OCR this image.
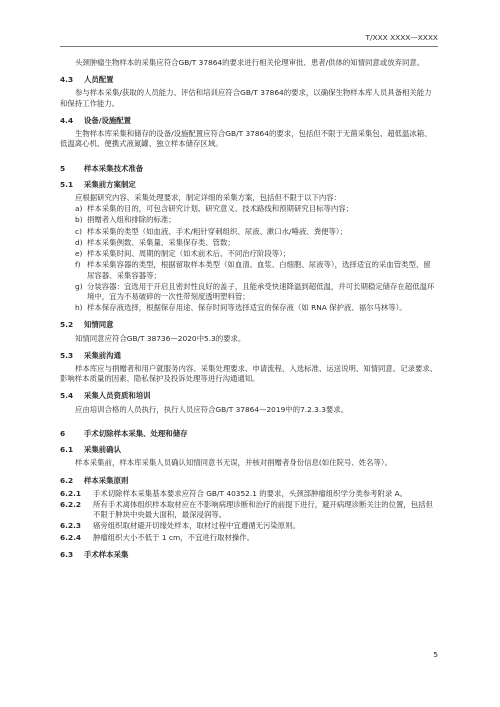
T/XXX XXXX—XXXX

头颈肿瘤生物样本的采集应符合GB/T 37864的要求进行相关伦理审批、患者/供体的知情同意或放弃同意。

4.3 人员配置

参与样本采集/获取的人员能力、评估和培训应符合GB/T 37864的要求，以确保生物样本库人员具备相关能力和保持工作能力。

4.4 设备/设施配置

生物样本库采集和储存的设备/设施配置应符合GB/T 37864的要求，包括但不限于无菌采集包、超低温冰箱、低温离心机、便携式液氮罐、独立样本储存区域。

5	样本采集技术准备
5.1 采集前方案制定

应根据研究内容、采集处理要求，制定详细的采集方案，包括但不限于以下内容：

a) 样本采集的目的，可包含研究计划、研究意义、技术路线和预期研究目标等内容；
b) 捐赠者入组和排除的标准；
c) 样本采集的类型（如血液、手术/粗针穿刺组织、尿液、漱口水/唾液、粪便等）；
d) 样本采集例数、采集量、采集保存类、管数；
e) 样本采集时间、周期的制定（如术前术后、不同治疗阶段等）；
f) 样本采集容器的类型，根据留取样本类型（如血清、血浆、白细胞、尿液等），选择适宜的采血管类型、留尿容器、采集容器等；
g) 分装容器：宜选用于开启且密封性良好的盖子，且能承受快速降温到超低温，并可长期稳定储存在超低温环境中，宜为不易破碎的一次性带刻度透明塑料管；
h) 样本保存液选择，根据保存用途、保存时间等选择适宜的保存液（如 RNA 保护液、福尔马林等）。
5.2 知情同意

知情同意应符合GB/T 38736—2020中5.3的要求。

5.3 采集前沟通

样本库应与捐赠者和用户就服务内容、采集处理要求、申请流程、入选标准、运送说明、知情同意、记录要求、影响样本质量的因素、隐私保护及投诉处理等进行沟通通知。

5.4 采集人员资质和培训

应由培训合格的人员执行，执行人员应符合GB/T 37864—2019中的7.2.3.3要求。

6	手术切除样本采集、处理和储存
6.1 采集前确认

样本采集前，样本库采集人员确认知情同意书无误，并核对捐赠者身份信息(如住院号、姓名等）。

6.2 样本采集原则
6.2.1	手术切除样本采集基本要求应符合 GB/T 40352.1 的要求，头颈部肿瘤组织学分类参考附录 A。
6.2.2	所有手术离体组织样本取材应在不影响病理诊断和治疗的前提下进行，避开病理诊断关注的位置，包括但不限于肿块中央最大面积，最深浸润等。
6.2.3	癌旁组织取材避开切缘处样本，取材过程中宜遵循无污染原则。
6.2.4	肿瘤组织大小不低于 1 cm，不宜进行取材操作。
6.3 手术样本采集
5
